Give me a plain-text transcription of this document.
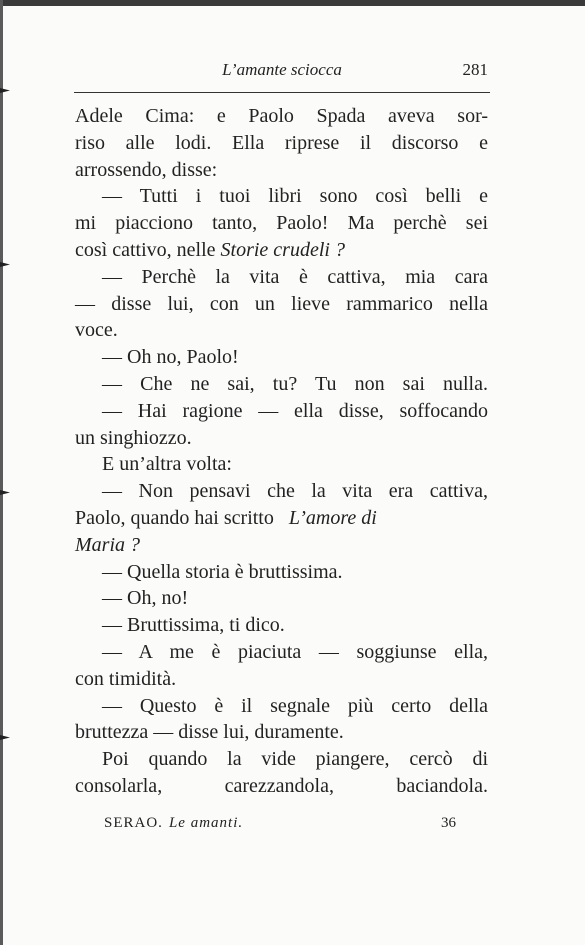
L’amante sciocca	281
Adele Cima: e Paolo Spada aveva sor-
riso alle lodi. Ella riprese il discorso e
arrossendo, disse:
— Tutti i tuoi libri sono così belli e
mi piacciono tanto, Paolo! Ma perchè sei
così cattivo, nelle Storie crudeli ?
— Perchè la vita è cattiva, mia cara
— disse lui, con un lieve rammarico nella
voce.
— Oh no, Paolo!
— Che ne sai, tu? Tu non sai nulla.
— Hai ragione — ella disse, soffocando
un singhiozzo.
E un’altra volta:
— Non pensavi che la vita era cattiva,
Paolo, quando hai scritto L’amore di
Maria ?
— Quella storia è bruttissima.
— Oh, no!
— Bruttissima, ti dico.
— A me è piaciuta — soggiunse ella,
con timidità.
— Questo è il segnale più certo della
bruttezza — disse lui, duramente.
Poi quando la vide piangere, cercò di
consolarla, carezzandola, baciandola.
SERAO. Le amanti.	36
